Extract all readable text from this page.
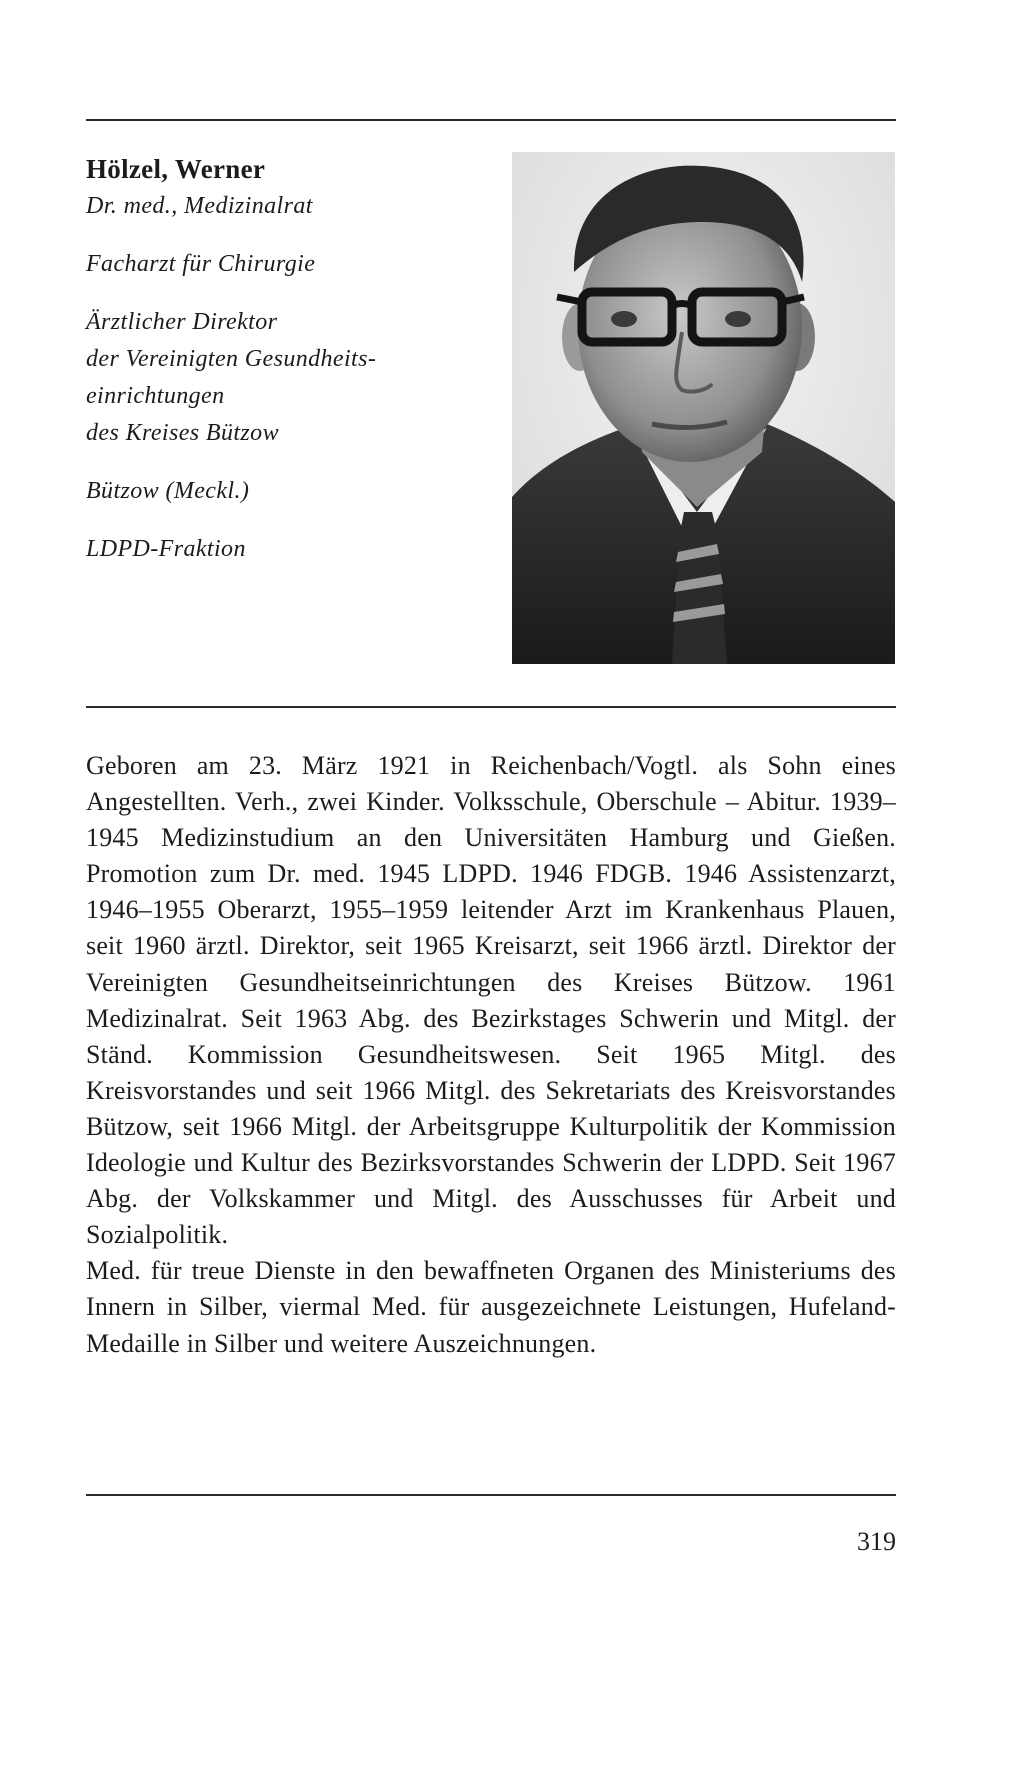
Hölzel, Werner

Dr. med., Medizinalrat

Facharzt für Chirurgie

Ärztlicher Direktor

der Vereinigten Gesundheits-

einrichtungen

des Kreises Bützow

Bützow (Meckl.)

LDPD-Fraktion

Geboren am 23. März 1921 in Reichenbach/Vogtl. als Sohn eines Angestellten. Verh., zwei Kinder. Volksschule, Oberschule – Abitur. 1939–1945 Medizinstudium an den Universitäten Hamburg und Gießen. Promotion zum Dr. med. 1945 LDPD. 1946 FDGB. 1946 Assistenzarzt, 1946–1955 Oberarzt, 1955–1959 leitender Arzt im Krankenhaus Plauen, seit 1960 ärztl. Direktor, seit 1965 Kreisarzt, seit 1966 ärztl. Direktor der Vereinigten Gesundheitseinrichtungen des Kreises Bützow. 1961 Medizinalrat. Seit 1963 Abg. des Bezirkstages Schwerin und Mitgl. der Ständ. Kommission Gesundheitswesen. Seit 1965 Mitgl. des Kreisvorstandes und seit 1966 Mitgl. des Sekretariats des Kreisvorstandes Bützow, seit 1966 Mitgl. der Arbeitsgruppe Kulturpolitik der Kommission Ideologie und Kultur des Bezirksvorstandes Schwerin der LDPD. Seit 1967 Abg. der Volkskammer und Mitgl. des Ausschusses für Arbeit und Sozialpolitik.

Med. für treue Dienste in den bewaffneten Organen des Ministeriums des Innern in Silber, viermal Med. für ausgezeichnete Leistungen, Hufeland-Medaille in Silber und weitere Auszeichnungen.

319
